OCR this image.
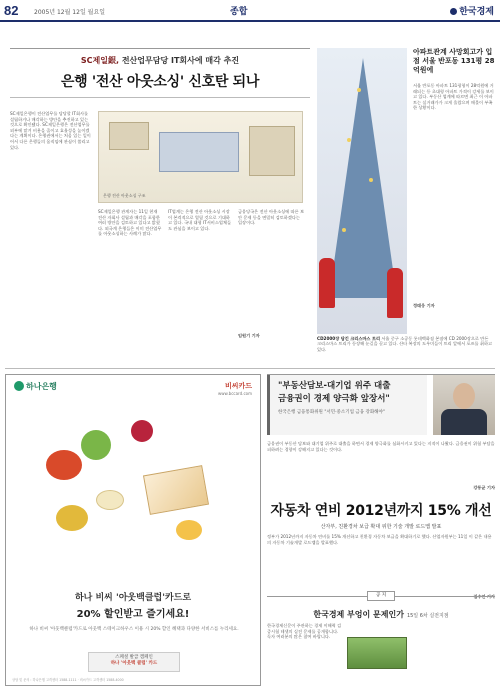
82	2005년 12월 12일 월요일	종합	한국경제
SC제일銀, 전산업무담당 IT회사에 매각 추진
은행 '전산 아웃소싱' 신호탄 되나
SC제일은행이 전산업무를 담당할 IT회사를 설립하거나 매각하는 방안을 추진하고 있는 것으로 확인됐다. SC제일은행은 전산업무를 외부에 맡겨 비용을 줄이고 효율성을 높이겠다는 계획이다. 은행권에서는 처음 있는 일이어서 다른 은행들의 움직임에 관심이 쏠리고 있다.
은행 전산 아웃소싱 구조
SC제일은행 관계자는 11일 현재 전산 자회사 설립과 매각을 포함한 여러 방안을 검토하고 있다고 밝혔다. 외국계 은행들은 이미 전산업무를 아웃소싱하는 사례가 많다.
IT업계는 은행 전산 아웃소싱 시장이 본격적으로 열릴 것으로 기대하고 있다. 국내 대형 IT서비스업체들도 관심을 보이고 있다.
금융당국은 전산 아웃소싱에 따른 보안 문제 등을 면밀히 검토하겠다는 입장이다.
임원기 기자
CD2000장 담긴 크리스마스 트리 서울 중구 소공동 롯데백화점 본점에 CD 2000장으로 만든 크리스마스 트리가 등장해 눈길을 끌고 있다. 산타 복장의 도우미들이 트리 앞에서 포즈를 취하고 있다.
아파트관계 사망회고가 입점 서울 반포동 131평 28억원에
서울 반포동 아파트 131평형이 28억원에 거래되는 등 초대형 아파트 가격이 강세를 보이고 있다. 부동산 업계에 따르면 최근 이 아파트는 실거래가가 크게 올랐으며 매물이 부족한 상황이다.
정태웅 기자
하나은행	비씨카드
www.bccard.com
하나 비씨 '아웃백클럽'카드로
20% 할인받고 즐기세요!
하나 비씨 '아웃백클럽'카드로 아웃백 스테이크하우스 이용 시 20% 할인 혜택과 다양한 서비스를 누리세요.
스페셜 발급 캠페인
하나 '아웃백 클럽' 카드
상담 및 문의 : 하나은행 고객센터 1588-1111 · 비씨카드 고객센터 1588-4000
"부동산담보-대기업 위주 대출
금융권이 경제 양극화 앞장서"
한국은행 금융통화위원 "서민·중소기업 금융 강화해야"
금융권이 부동산 담보와 대기업 위주로 대출을 하면서 경제 양극화를 심화시키고 있다는 지적이 나왔다. 금융권이 위험 부담을 피하려는 경향이 강해지고 있다는 것이다.
강동균 기자
자동차 연비 2012년까지 15% 개선
산자부, 친환경차 보급 확대 위한 기술 개발 로드맵 발표
정부가 2012년까지 자동차 연비를 15% 개선하고 친환경 자동차 보급을 확대하기로 했다. 산업자원부는 11일 이 같은 내용의 자동차 기술개발 로드맵을 발표했다.
김수언 기자
공 지
한국경제 부엉이 문제인가 15일 6차 실전지점
한국경제신문이 주관하는 경제 이해력 검증시험 테샛의 실전 문제를 공개합니다. 독자 여러분의 많은 참여 바랍니다.
